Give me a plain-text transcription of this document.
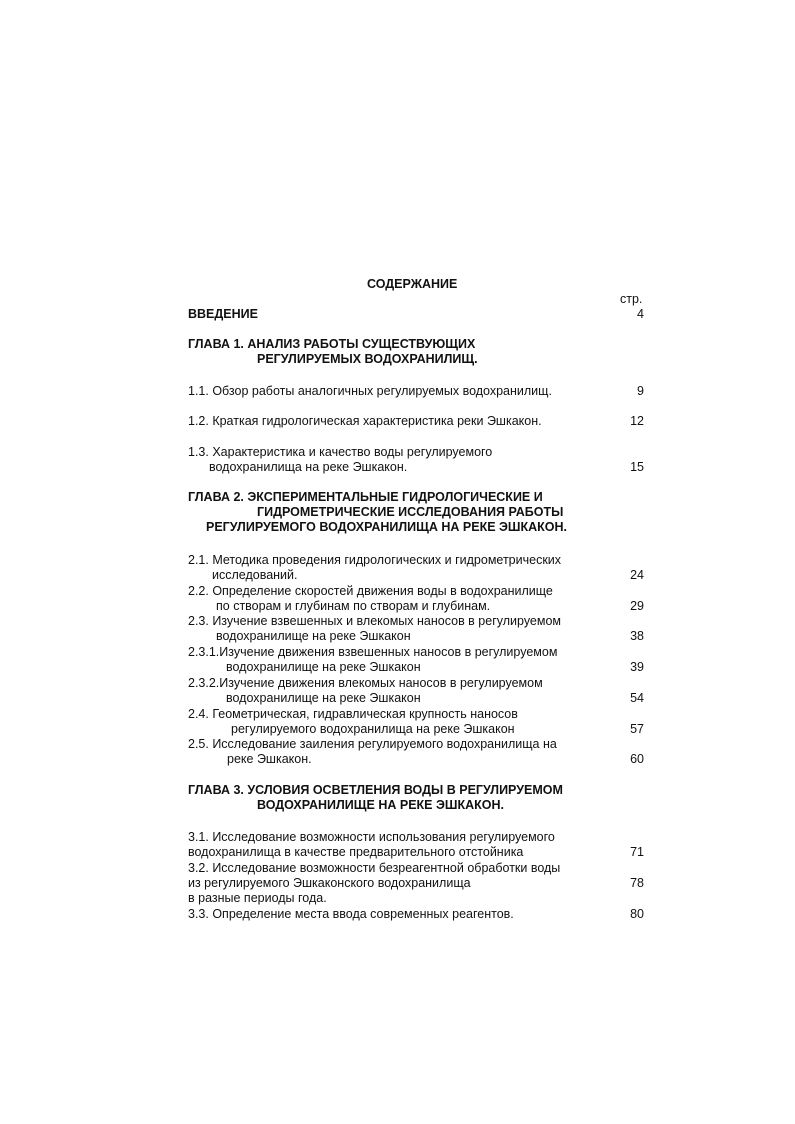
СОДЕРЖАНИЕ
стр.
ВВЕДЕНИЕ	4
ГЛАВА 1. АНАЛИЗ РАБОТЫ СУЩЕСТВУЮЩИХ
РЕГУЛИРУЕМЫХ ВОДОХРАНИЛИЩ.
1.1. Обзор работы аналогичных регулируемых водохранилищ.	9
1.2. Краткая гидрологическая характеристика реки Эшкакон.	12
1.3. Характеристика и качество воды регулируемого
водохранилища на реке Эшкакон.	15
ГЛАВА 2. ЭКСПЕРИМЕНТАЛЬНЫЕ ГИДРОЛОГИЧЕСКИЕ И
ГИДРОМЕТРИЧЕСКИЕ ИССЛЕДОВАНИЯ РАБОТЫ
РЕГУЛИРУЕМОГО ВОДОХРАНИЛИЩА НА РЕКЕ ЭШКАКОН.
2.1. Методика проведения гидрологических и гидрометрических
исследований.	24
2.2. Определение скоростей движения воды в водохранилище
по створам и глубинам по створам и глубинам.	29
2.3. Изучение взвешенных и влекомых наносов в регулируемом
водохранилище на реке Эшкакон	38
2.3.1.Изучение движения взвешенных наносов в регулируемом
водохранилище на реке Эшкакон	39
2.3.2.Изучение движения влекомых наносов в регулируемом
водохранилище на реке Эшкакон	54
2.4. Геометрическая, гидравлическая крупность наносов
регулируемого водохранилища на реке Эшкакон	57
2.5. Исследование заиления регулируемого водохранилища на
реке Эшкакон.	60
ГЛАВА 3. УСЛОВИЯ ОСВЕТЛЕНИЯ ВОДЫ В РЕГУЛИРУЕМОМ
ВОДОХРАНИЛИЩЕ НА РЕКЕ ЭШКАКОН.
3.1. Исследование возможности использования регулируемого
водохранилища в качестве предварительного отстойника	71
3.2. Исследование возможности безреагентной обработки воды
из регулируемого Эшкаконского водохранилища	78
в разные периоды года.
3.3. Определение места ввода современных реагентов.	80
